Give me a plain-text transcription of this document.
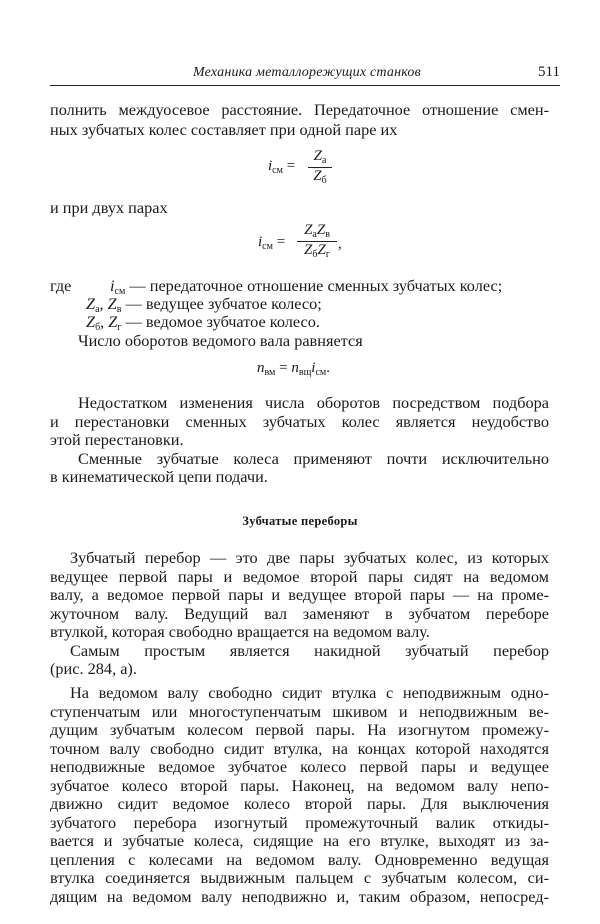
Механика металлорежущих станков	511
полнить междуосевое расстояние. Передаточное отношение смен-
ных зубчатых колес составляет при одной паре их
$i_{см}$ =
$Z_а$
$Z_б$
и при двух парах
$i_{см}$ =
$Z_аZ_в$
$Z_бZ_г$
,
где $i_{см}$ — передаточное отношение сменных зубчатых колес;
$Z_а$, $Z_в$ — ведущее зубчатое колесо;
$Z_б$, $Z_г$ — ведомое зубчатое колесо.
Число оборотов ведомого вала равняется
$n_{вм} = n_{вщ}i_{см}$.
Недостатком изменения числа оборотов посредством подбора
и перестановки сменных зубчатых колес является неудобство
этой перестановки.
Сменные зубчатые колеса применяют почти исключительно
в кинематической цепи подачи.
Зубчатые переборы
Зубчатый перебор — это две пары зубчатых колес, из которых
ведущее первой пары и ведомое второй пары сидят на ведомом
валу, а ведомое первой пары и ведущее второй пары — на проме-
жуточном валу. Ведущий вал заменяют в зубчатом переборе
втулкой, которая свободно вращается на ведомом валу.
Самым простым является накидной зубчатый перебор
(рис. 284, а).
На ведомом валу свободно сидит втулка с неподвижным одно-
ступенчатым или многоступенчатым шкивом и неподвижным ве-
дущим зубчатым колесом первой пары. На изогнутом промежу-
точном валу свободно сидит втулка, на концах которой находятся
неподвижные ведомое зубчатое колесо первой пары и ведущее
зубчатое колесо второй пары. Наконец, на ведомом валу непо-
движно сидит ведомое колесо второй пары. Для выключения
зубчатого перебора изогнутый промежуточный валик откиды-
вается и зубчатые колеса, сидящие на его втулке, выходят из за-
цепления с колесами на ведомом валу. Одновременно ведущая
втулка соединяется выдвижным пальцем с зубчатым колесом, си-
дящим на ведомом валу неподвижно и, таким образом, непосред-
